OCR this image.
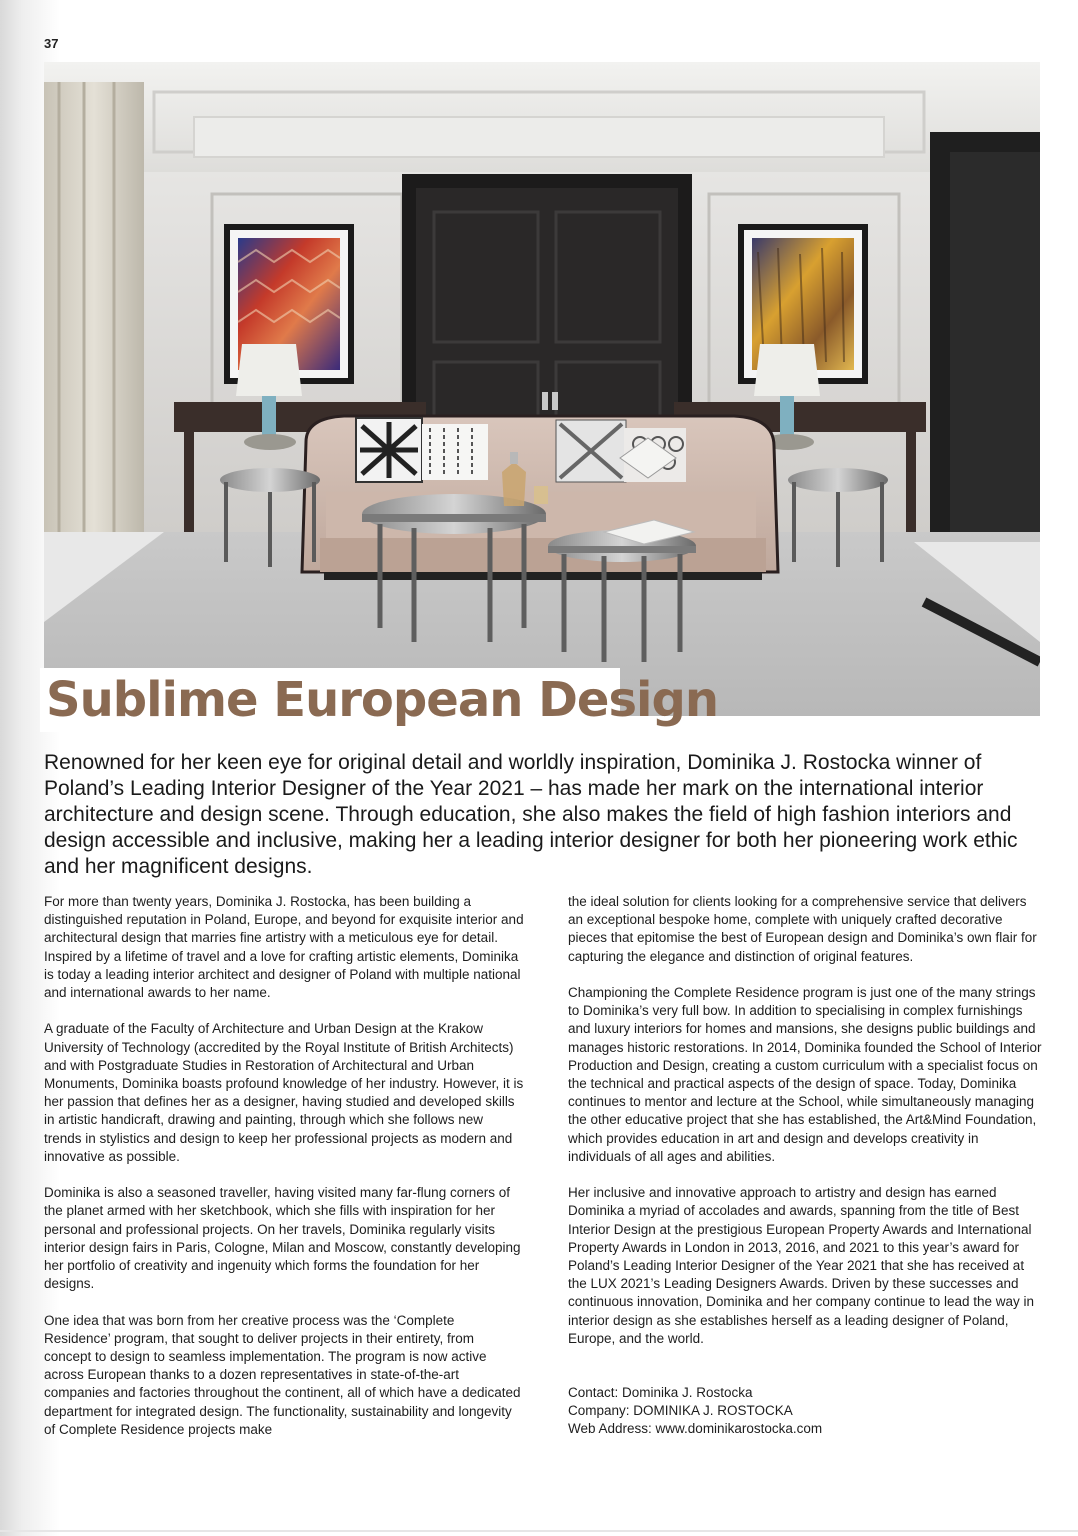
37
Sublime European Design

Renowned for her keen eye for original detail and worldly inspiration, Dominika J. Rostocka winner of Poland’s Leading Interior Designer of the Year 2021 – has made her mark on the international interior architecture and design scene. Through education, she also makes the field of high fashion interiors and design accessible and inclusive, making her a leading interior designer for both her pioneering work ethic and her magnificent designs.

For more than twenty years, Dominika J. Rostocka, has been building a distinguished reputation in Poland, Europe, and beyond for exquisite interior and architectural design that marries fine artistry with a meticulous eye for detail. Inspired by a lifetime of travel and a love for crafting artistic elements, Dominika is today a leading interior architect and designer of Poland with multiple national and international awards to her name.

A graduate of the Faculty of Architecture and Urban Design at the Krakow University of Technology (accredited by the Royal Institute of British Architects) and with Postgraduate Studies in Restoration of Architectural and Urban Monuments, Dominika boasts profound knowledge of her industry. However, it is her passion that defines her as a designer, having studied and developed skills in artistic handicraft, drawing and painting, through which she follows new trends in stylistics and design to keep her professional projects as modern and innovative as possible.

Dominika is also a seasoned traveller, having visited many far-flung corners of the planet armed with her sketchbook, which she fills with inspiration for her personal and professional projects. On her travels, Dominika regularly visits interior design fairs in Paris, Cologne, Milan and Moscow, constantly developing her portfolio of creativity and ingenuity which forms the foundation for her designs.

One idea that was born from her creative process was the ‘Complete Residence’ program, that sought to deliver projects in their entirety, from concept to design to seamless implementation. The program is now active across European thanks to a dozen representatives in state-of-the-art companies and factories throughout the continent, all of which have a dedicated department for integrated design. The functionality, sustainability and longevity of Complete Residence projects make

the ideal solution for clients looking for a comprehensive service that delivers an exceptional bespoke home, complete with uniquely crafted decorative pieces that epitomise the best of European design and Dominika’s own flair for capturing the elegance and distinction of original features.

Championing the Complete Residence program is just one of the many strings to Dominika’s very full bow. In addition to specialising in complex furnishings and luxury interiors for homes and mansions, she designs public buildings and manages historic restorations. In 2014, Dominika founded the School of Interior Production and Design, creating a custom curriculum with a specialist focus on the technical and practical aspects of the design of space. Today, Dominika continues to mentor and lecture at the School, while simultaneously managing the other educative project that she has established, the Art&Mind Foundation, which provides education in art and design and develops creativity in individuals of all ages and abilities.

Her inclusive and innovative approach to artistry and design has earned Dominika a myriad of accolades and awards, spanning from the title of Best Interior Design at the prestigious European Property Awards and International Property Awards in London in 2013, 2016, and 2021 to this year’s award for Poland’s Leading Interior Designer of the Year 2021 that she has received at the LUX 2021’s Leading Designers Awards. Driven by these successes and continuous innovation, Dominika and her company continue to lead the way in interior design as she establishes herself as a leading designer of Poland, Europe, and the world.

Contact: Dominika J. Rostocka
Company: DOMINIKA J. ROSTOCKA
Web Address: www.dominikarostocka.com
